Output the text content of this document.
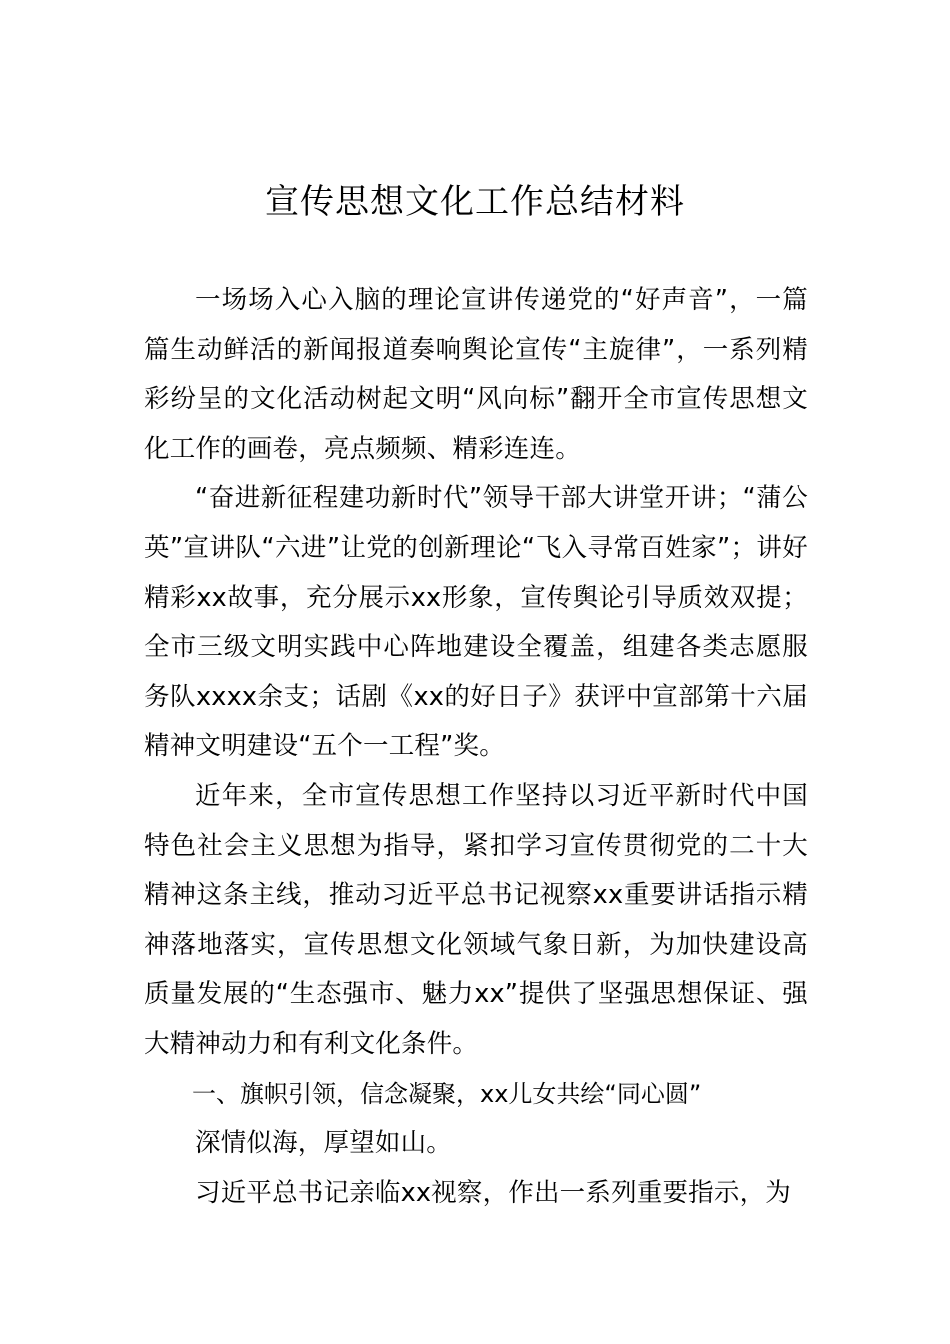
宣传思想文化工作总结材料

一场场入心入脑的理论宣讲传递党的“好声音”，一篇篇生动鲜活的新闻报道奏响舆论宣传“主旋律”，一系列精彩纷呈的文化活动树起文明“风向标”翻开全市宣传思想文化工作的画卷，亮点频频、精彩连连。

“奋进新征程建功新时代”领导干部大讲堂开讲；“蒲公英”宣讲队“六进”让党的创新理论“飞入寻常百姓家”；讲好精彩xx故事，充分展示xx形象，宣传舆论引导质效双提；全市三级文明实践中心阵地建设全覆盖，组建各类志愿服务队xxxx余支；话剧《xx的好日子》获评中宣部第十六届精神文明建设“五个一工程”奖。

近年来，全市宣传思想工作坚持以习近平新时代中国特色社会主义思想为指导，紧扣学习宣传贯彻党的二十大精神这条主线，推动习近平总书记视察xx重要讲话指示精神落地落实，宣传思想文化领域气象日新，为加快建设高质量发展的“生态强市、魅力xx”提供了坚强思想保证、强大精神动力和有利文化条件。

一、旗帜引领，信念凝聚，xx儿女共绘“同心圆”

深情似海，厚望如山。

习近平总书记亲临xx视察，作出一系列重要指示，为
